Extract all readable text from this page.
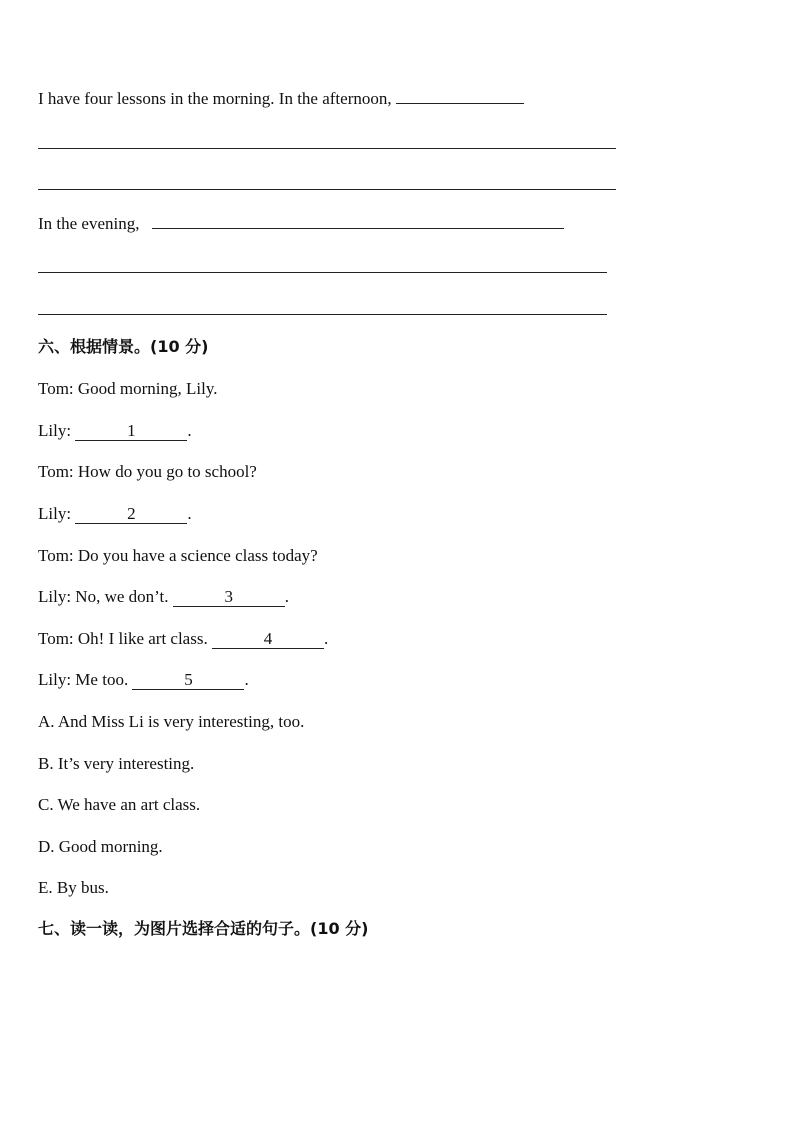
I have four lessons in the morning. In the afternoon,
In the evening,
六、根据情景。(10 分)
Tom: Good morning, Lily.
Lily:	1	.
Tom: How do you go to school?
Lily:	2	.
Tom: Do you have a science class today?
Lily: No, we don’t.	3	.
Tom: Oh! I like art class.	4	.
Lily: Me too.	5	.
A. And Miss Li is very interesting, too.
B. It’s very interesting.
C. We have an art class.
D. Good morning.
E. By bus.
七、读一读，为图片选择合适的句子。(10 分)
